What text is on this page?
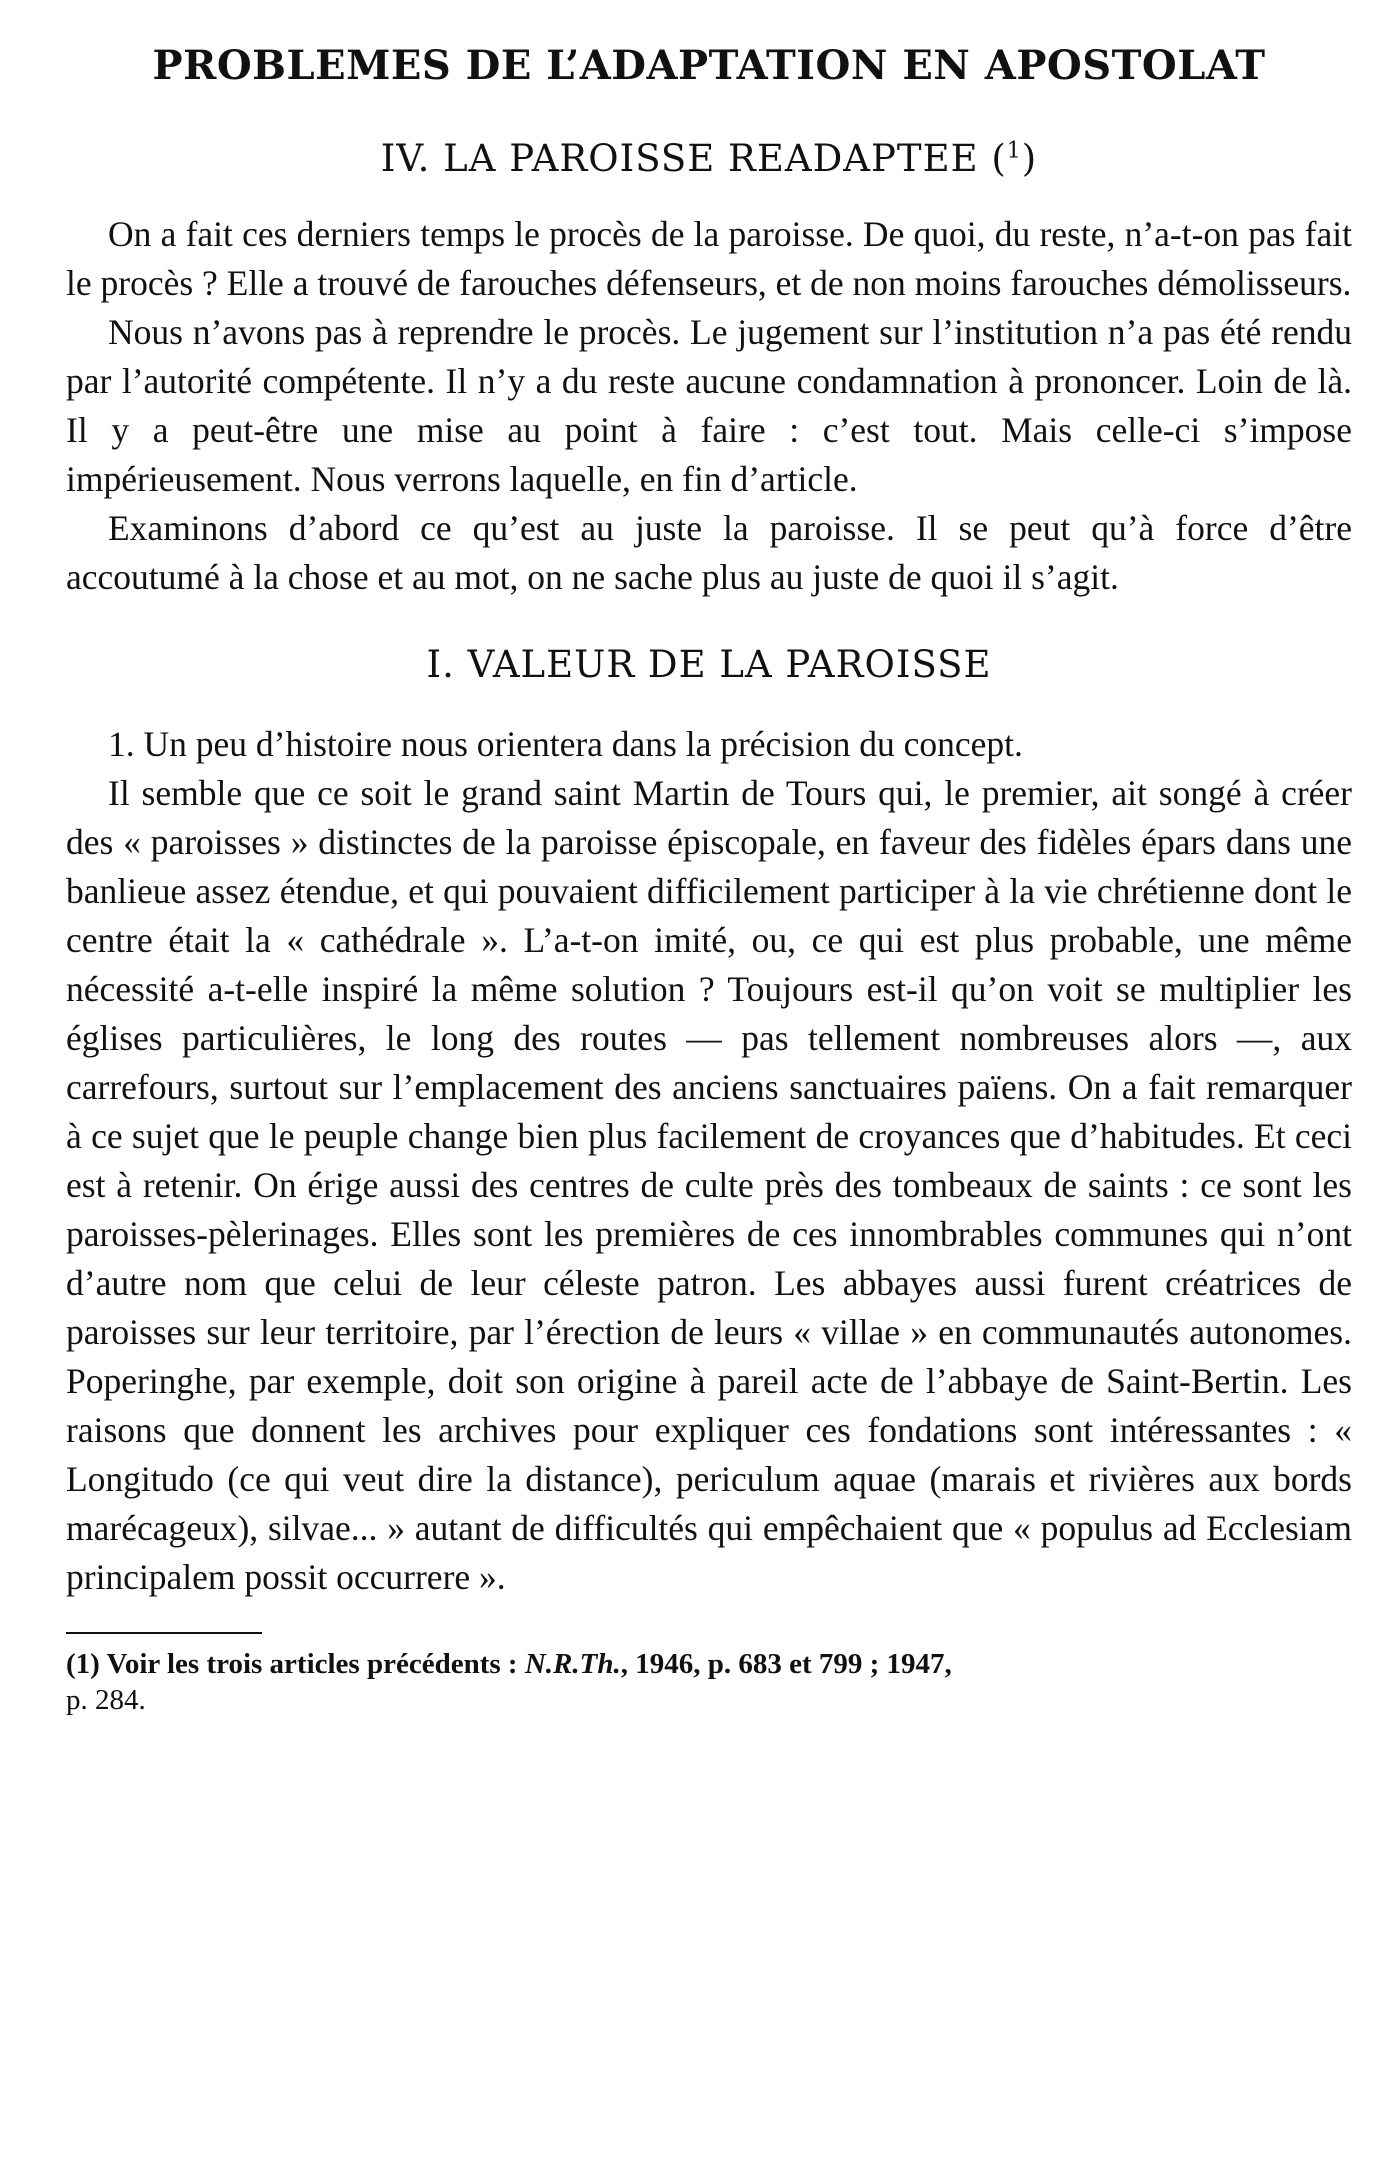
PROBLEMES DE L’ADAPTATION EN APOSTOLAT
IV. LA PAROISSE READAPTEE ($^1$)

On a fait ces derniers temps le procès de la paroisse. De quoi, du reste, n’a-t-on pas fait le procès ? Elle a trouvé de farouches défenseurs, et de non moins farouches démolisseurs.

Nous n’avons pas à reprendre le procès. Le jugement sur l’institution n’a pas été rendu par l’autorité compétente. Il n’y a du reste aucune condamnation à prononcer. Loin de là. Il y a peut-être une mise au point à faire : c’est tout. Mais celle-ci s’impose impérieusement. Nous verrons laquelle, en fin d’article.

Examinons d’abord ce qu’est au juste la paroisse. Il se peut qu’à force d’être accoutumé à la chose et au mot, on ne sache plus au juste de quoi il s’agit.

I. VALEUR DE LA PAROISSE

1. Un peu d’histoire nous orientera dans la précision du concept.

Il semble que ce soit le grand saint Martin de Tours qui, le premier, ait songé à créer des « paroisses » distinctes de la paroisse épiscopale, en faveur des fidèles épars dans une banlieue assez étendue, et qui pouvaient difficilement participer à la vie chrétienne dont le centre était la « cathédrale ». L’a-t-on imité, ou, ce qui est plus probable, une même nécessité a-t-elle inspiré la même solution ? Toujours est-il qu’on voit se multiplier les églises particulières, le long des routes — pas tellement nombreuses alors —, aux carrefours, surtout sur l’emplacement des anciens sanctuaires païens. On a fait remarquer à ce sujet que le peuple change bien plus facilement de croyances que d’habitudes. Et ceci est à retenir. On érige aussi des centres de culte près des tombeaux de saints : ce sont les paroisses-pèlerinages. Elles sont les premières de ces innombrables communes qui n’ont d’autre nom que celui de leur céleste patron. Les abbayes aussi furent créatrices de paroisses sur leur territoire, par l’érection de leurs « villae » en communautés autonomes. Poperinghe, par exemple, doit son origine à pareil acte de l’abbaye de Saint-Bertin. Les raisons que donnent les archives pour expliquer ces fondations sont intéressantes : « Longitudo (ce qui veut dire la distance), periculum aquae (marais et rivières aux bords marécageux), silvae... » autant de difficultés qui empêchaient que « populus ad Ecclesiam principalem possit occurrere ».

(1) Voir les trois articles précédents : N.R.Th., 1946, p. 683 et 799 ; 1947,
p. 284.
